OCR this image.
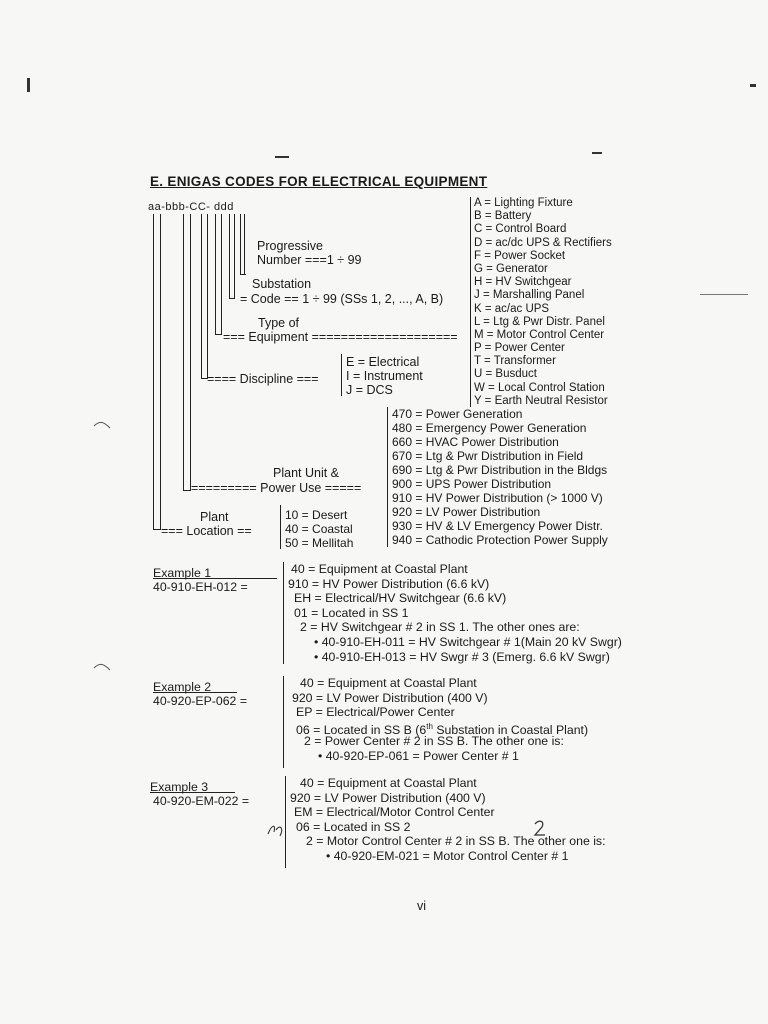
E. ENIGAS CODES FOR ELECTRICAL EQUIPMENT
aa-bbb-CC- ddd
Progressive
Number ===1 ÷ 99
Substation
= Code == 1 ÷ 99 (SSs 1, 2, ..., A, B)
Type of
=== Equipment ====================
==== Discipline ===
E = Electrical
I = Instrument
J = DCS
A = Lighting Fixture
B = Battery
C = Control Board
D = ac/dc UPS & Rectifiers
F = Power Socket
G = Generator
H = HV Switchgear
J = Marshalling Panel
K = ac/ac UPS
L = Ltg & Pwr Distr. Panel
M = Motor Control Center
P = Power Center
T = Transformer
U = Busduct
W = Local Control Station
Y = Earth Neutral Resistor
Plant Unit &
========= Power Use =====
470 = Power Generation
480 = Emergency Power Generation
660 = HVAC Power Distribution
670 = Ltg & Pwr Distribution in Field
690 = Ltg & Pwr Distribution in the Bldgs
900 = UPS Power Distribution
910 = HV Power Distribution (> 1000 V)
920 = LV Power Distribution
930 = HV & LV Emergency Power Distr.
940 = Cathodic Protection Power Supply
Plant
=== Location ==
10 = Desert
40 = Coastal
50 = Mellitah
Example 1
40-910-EH-012 =
40 = Equipment at Coastal Plant
910 = HV Power Distribution (6.6 kV)
EH = Electrical/HV Switchgear (6.6 kV)
01 = Located in SS 1
2 = HV Switchgear # 2 in SS 1. The other ones are:
• 40-910-EH-011 = HV Switchgear # 1(Main 20 kV Swgr)
• 40-910-EH-013 = HV Swgr # 3 (Emerg. 6.6 kV Swgr)
Example 2
40-920-EP-062 =
40 = Equipment at Coastal Plant
920 = LV Power Distribution (400 V)
EP = Electrical/Power Center
06 = Located in SS B (6th Substation in Coastal Plant)
2 = Power Center # 2 in SS B. The other one is:
• 40-920-EP-061 = Power Center # 1
Example 3
40-920-EM-022 =
40 = Equipment at Coastal Plant
920 = LV Power Distribution (400 V)
EM = Electrical/Motor Control Center
06 = Located in SS 2
2 = Motor Control Center # 2 in SS B. The other one is:
• 40-920-EM-021 = Motor Control Center # 1
vi
